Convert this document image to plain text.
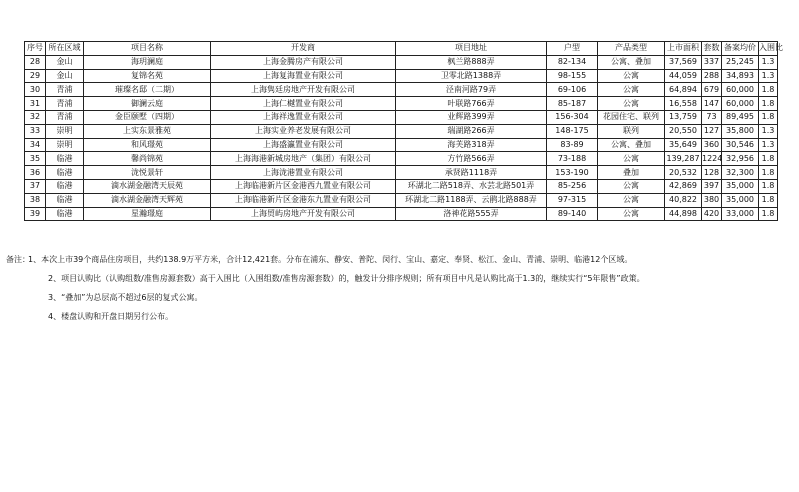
序号	所在区域	项目名称	开发商	项目地址	户型	产品类型	上市面积	套数	备案均价	入围比
28	金山	海玥澜庭	上海金腾房产有限公司	枫兰路888弄	82-134	公寓、叠加	37,569	337	25,245	1.3
29	金山	复锦名苑	上海复海置业有限公司	卫零北路1388弄	98-155	公寓	44,059	288	34,893	1.3
30	青浦	璀璨名邸（二期）	上海隽廷房地产开发有限公司	泾南河路79弄	69-106	公寓	64,894	679	60,000	1.8
31	青浦	御澜云庭	上海仁樾置业有限公司	叶联路766弄	85-187	公寓	16,558	147	60,000	1.8
32	青浦	金臣颐墅（四期）	上海祥逸置业有限公司	业辉路399弄	156-304	花园住宅、联列	13,759	73	89,495	1.8
33	崇明	上实东景雅苑	上海实业养老发展有限公司	瑞湖路266弄	148-175	联列	20,550	127	35,800	1.3
34	崇明	和风璟苑	上海盛瀛置业有限公司	海芙路318弄	83-89	公寓、叠加	35,649	360	30,546	1.3
35	临港	馨尚锦苑	上海海港新城房地产（集团）有限公司	方竹路566弄	73-188	公寓	139,287	1224	32,956	1.8
36	临港	泷悦景轩	上海泷港置业有限公司	承贤路1118弄	153-190	叠加	20,532	128	32,300	1.8
37	临港	滴水湖金融湾天辰苑	上海临港新片区金港西九置业有限公司	环湖北二路518弄、水芸北路501弄	85-256	公寓	42,869	397	35,000	1.8
38	临港	滴水湖金融湾天辉苑	上海临港新片区金港东九置业有限公司	环湖北二路1188弄、云鹃北路888弄	97-315	公寓	40,822	380	35,000	1.8
39	临港	星瀚璟庭	上海贸屿房地产开发有限公司	洛神花路555弄	89-140	公寓	44,898	420	33,000	1.8
备注：1、本次上市39个商品住房项目，共约138.9万平方米，合计12,421套。分布在浦东、静安、普陀、闵行、宝山、嘉定、奉贤、松江、金山、青浦、崇明、临港12个区域。
2、项目认购比（认购组数/准售房源套数）高于入围比（入围组数/准售房源套数）的，触发计分排序规则；所有项目中凡是认购比高于1.3的，继续实行“5年限售”政策。
3、“叠加”为总层高不超过6层的复式公寓。
4、楼盘认购和开盘日期另行公布。
